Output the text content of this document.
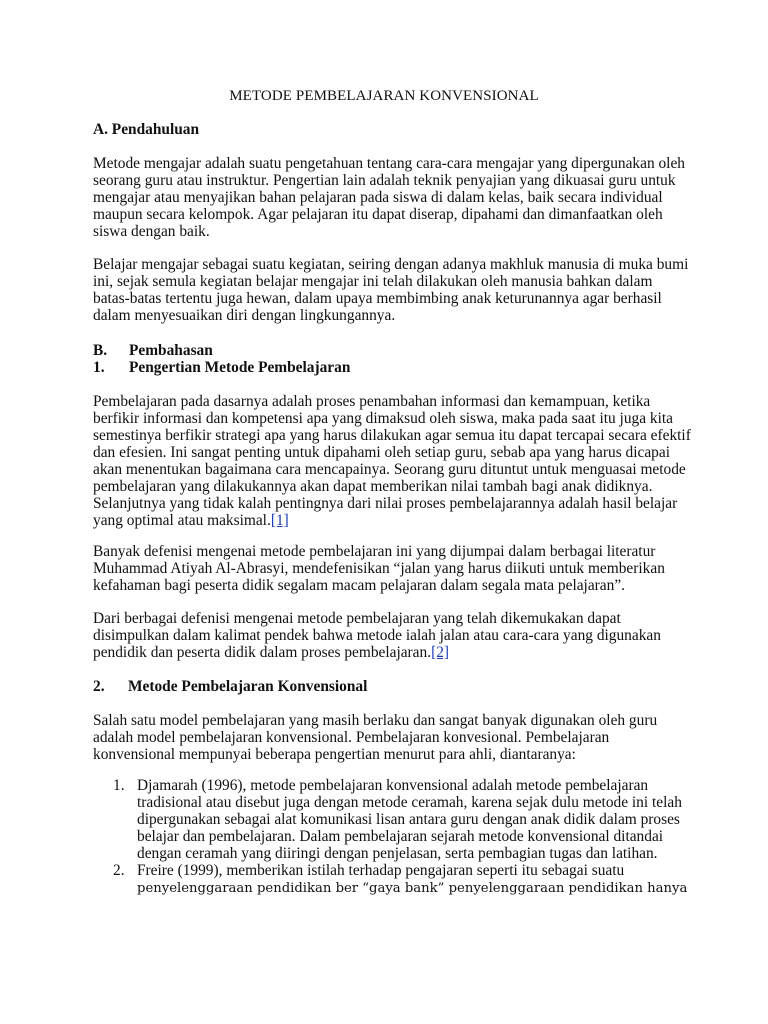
METODE PEMBELAJARAN KONVENSIONAL
A. Pendahuluan

Metode mengajar adalah suatu pengetahuan tentang cara-cara mengajar yang dipergunakan oleh seorang guru atau instruktur. Pengertian lain adalah teknik penyajian yang dikuasai guru untuk mengajar atau menyajikan bahan pelajaran pada siswa di dalam kelas, baik secara individual maupun secara kelompok. Agar pelajaran itu dapat diserap, dipahami dan dimanfaatkan oleh siswa dengan baik.

Belajar mengajar sebagai suatu kegiatan, seiring dengan adanya makhluk manusia di muka bumi ini, sejak semula kegiatan belajar mengajar ini telah dilakukan oleh manusia bahkan dalam batas-batas tertentu juga hewan, dalam upaya membimbing anak keturunannya agar berhasil dalam menyesuaikan diri dengan lingkungannya.

B. Pembahasan
1. Pengertian Metode Pembelajaran

Pembelajaran pada dasarnya adalah proses penambahan informasi dan kemampuan, ketika berfikir informasi dan kompetensi apa yang dimaksud oleh siswa, maka pada saat itu juga kita semestinya berfikir strategi apa yang harus dilakukan agar semua itu dapat tercapai secara efektif dan efesien. Ini sangat penting untuk dipahami oleh setiap guru, sebab apa yang harus dicapai akan menentukan bagaimana cara mencapainya. Seorang guru dituntut untuk menguasai metode pembelajaran yang dilakukannya akan dapat memberikan nilai tambah bagi anak didiknya. Selanjutnya yang tidak kalah pentingnya dari nilai proses pembelajarannya adalah hasil belajar yang optimal atau maksimal.[1]

Banyak defenisi mengenai metode pembelajaran ini yang dijumpai dalam berbagai literatur Muhammad Atiyah Al-Abrasyi, mendefenisikan “jalan yang harus diikuti untuk memberikan kefahaman bagi peserta didik segalam macam pelajaran dalam segala mata pelajaran”.

Dari berbagai defenisi mengenai metode pembelajaran yang telah dikemukakan dapat disimpulkan dalam kalimat pendek bahwa metode ialah jalan atau cara-cara yang digunakan pendidik dan peserta didik dalam proses pembelajaran.[2]

2. Metode Pembelajaran Konvensional

Salah satu model pembelajaran yang masih berlaku dan sangat banyak digunakan oleh guru adalah model pembelajaran konvensional. Pembelajaran konvesional. Pembelajaran konvensional mempunyai beberapa pengertian menurut para ahli, diantaranya:

1. Djamarah (1996), metode pembelajaran konvensional adalah metode pembelajaran tradisional atau disebut juga dengan metode ceramah, karena sejak dulu metode ini telah dipergunakan sebagai alat komunikasi lisan antara guru dengan anak didik dalam proses belajar dan pembelajaran. Dalam pembelajaran sejarah metode konvensional ditandai dengan ceramah yang diiringi dengan penjelasan, serta pembagian tugas dan latihan.
2. Freire (1999), memberikan istilah terhadap pengajaran seperti itu sebagai suatu
penyelenggaraan pendidikan ber “gaya bank” penyelenggaraan pendidikan hanya
